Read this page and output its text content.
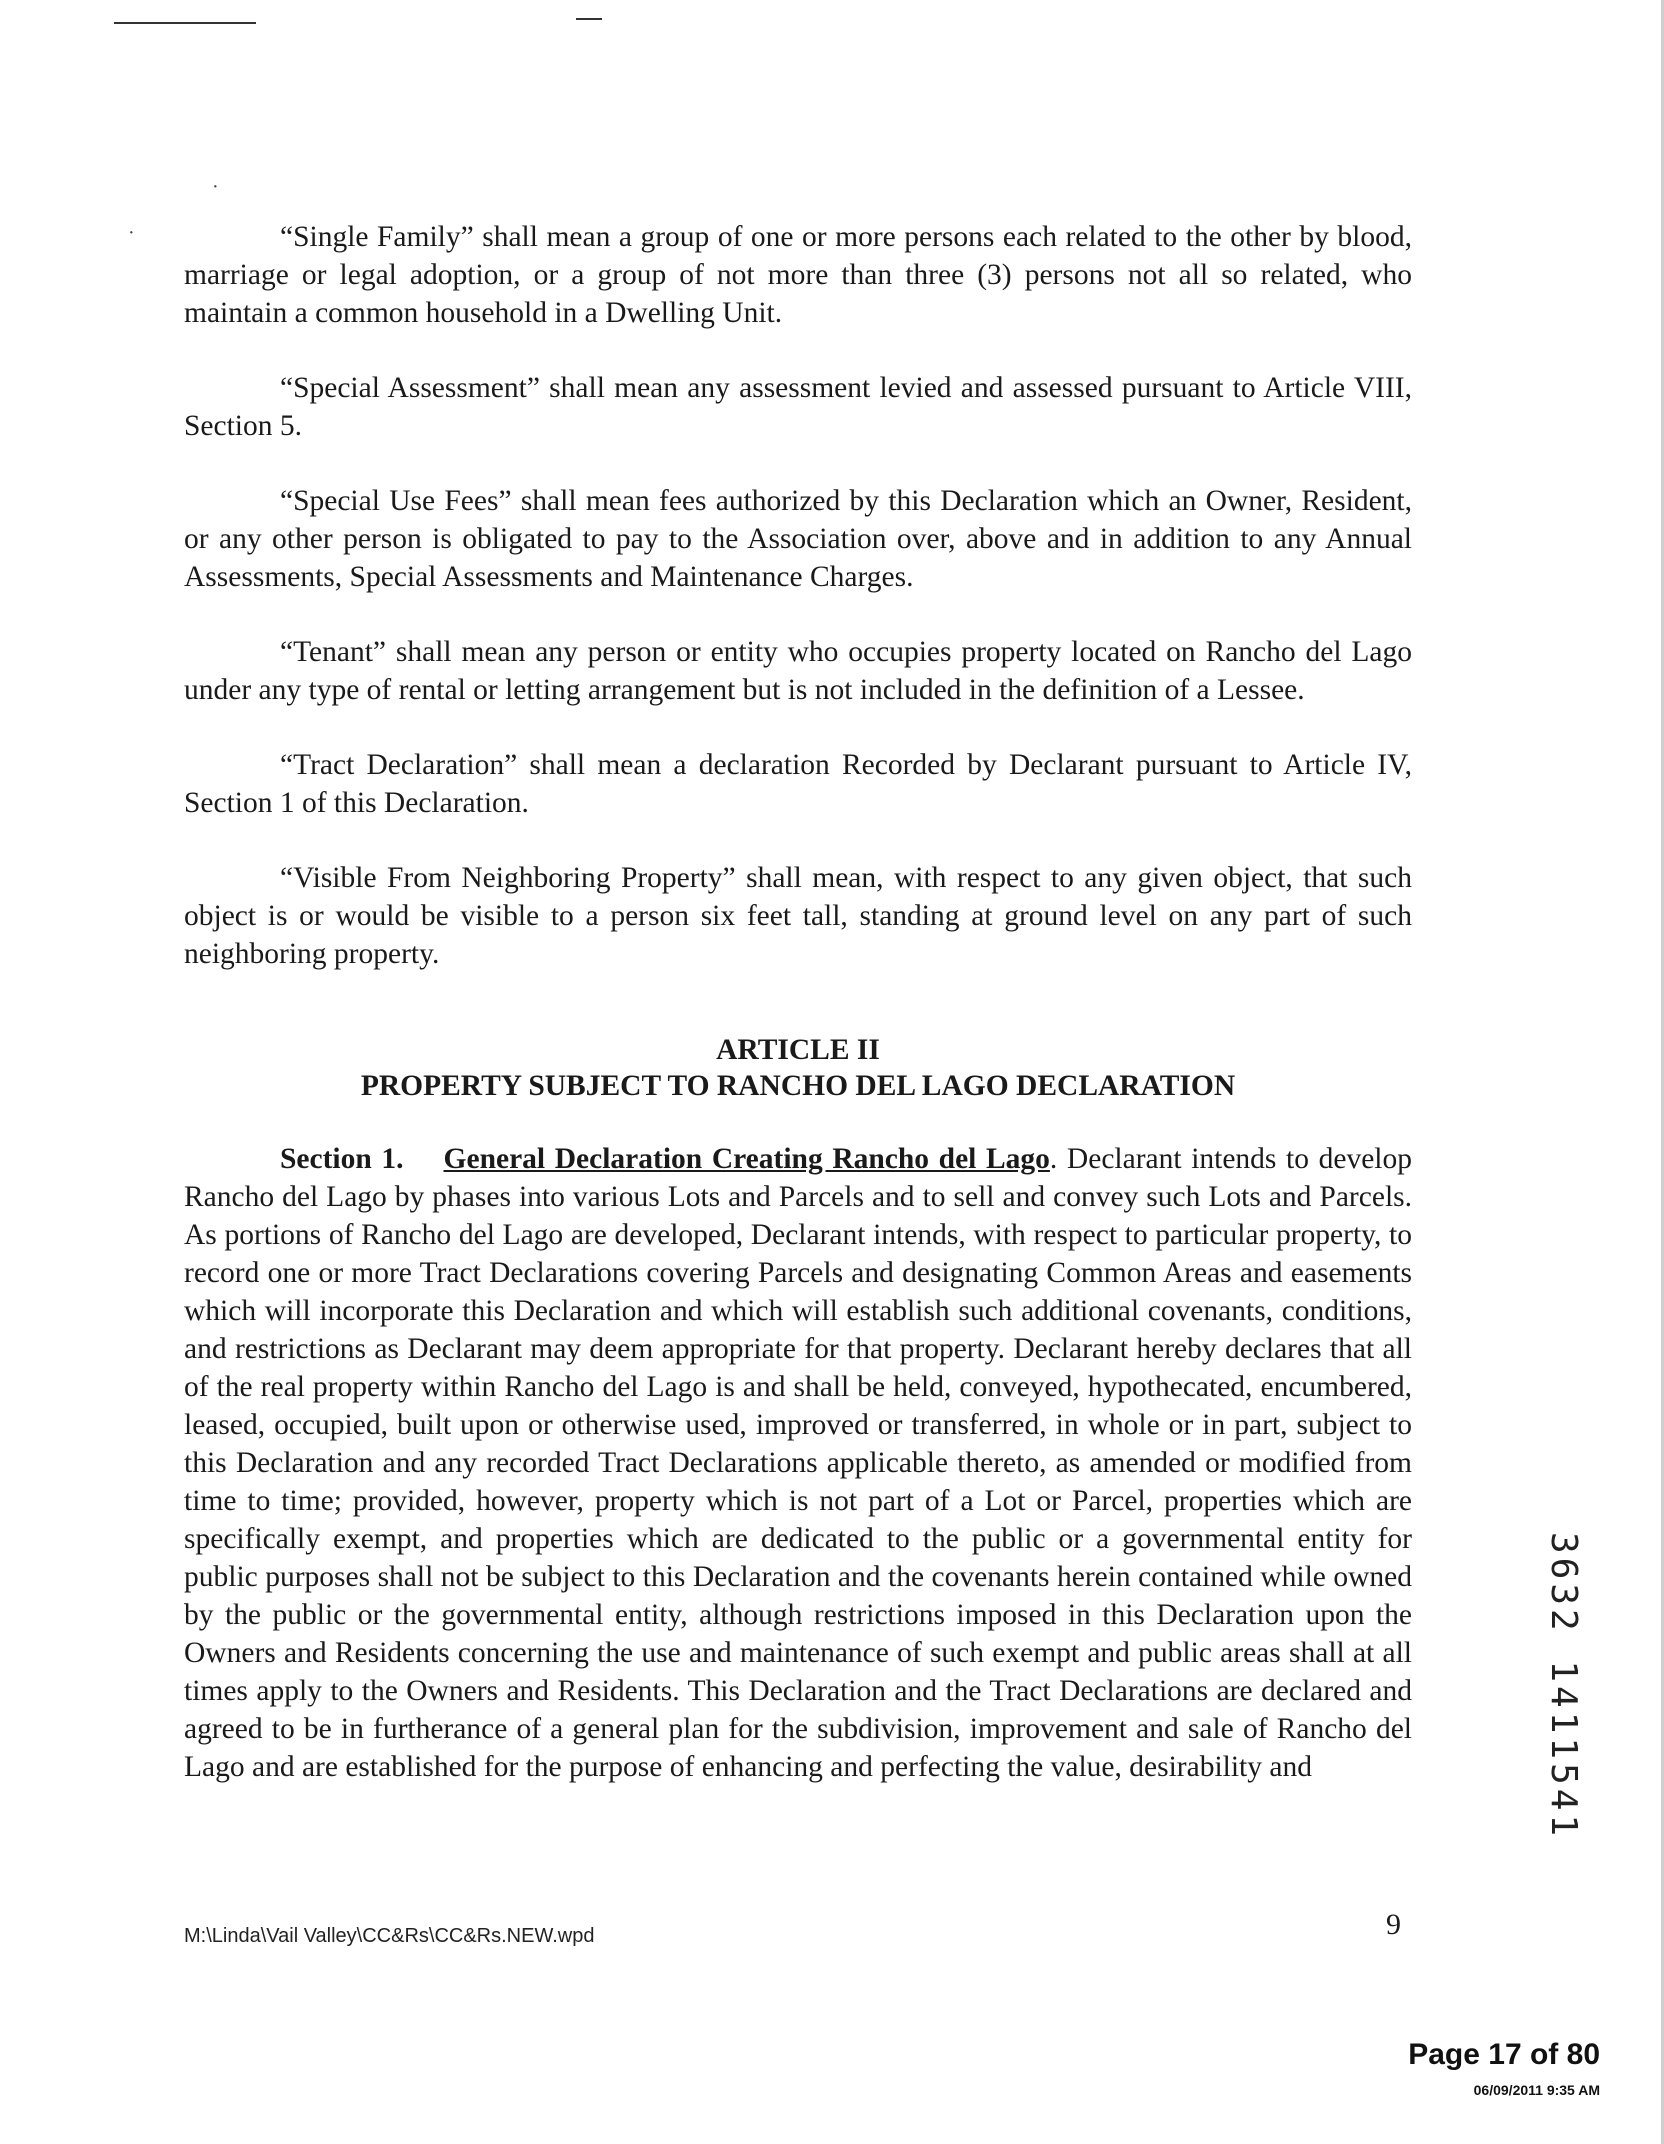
·
·	“Single Family” shall mean a group of one or more persons each related to the other by blood, marriage or legal adoption, or a group of not more than three (3) persons not all so related, who maintain a common household in a Dwelling Unit.

“Special Assessment” shall mean any assessment levied and assessed pursuant to Article VIII, Section 5.

“Special Use Fees” shall mean fees authorized by this Declaration which an Owner, Resident, or any other person is obligated to pay to the Association over, above and in addition to any Annual Assessments, Special Assessments and Maintenance Charges.

“Tenant” shall mean any person or entity who occupies property located on Rancho del Lago under any type of rental or letting arrangement but is not included in the definition of a Lessee.

“Tract Declaration” shall mean a declaration Recorded by Declarant pursuant to Article IV, Section 1 of this Declaration.

“Visible From Neighboring Property” shall mean, with respect to any given object, that such object is or would be visible to a person six feet tall, standing at ground level on any part of such neighboring property.

ARTICLE II
PROPERTY SUBJECT TO RANCHO DEL LAGO DECLARATION

Section 1. General Declaration Creating Rancho del Lago. Declarant intends to develop Rancho del Lago by phases into various Lots and Parcels and to sell and convey such Lots and Parcels. As portions of Rancho del Lago are developed, Declarant intends, with respect to particular property, to record one or more Tract Declarations covering Parcels and designating Common Areas and easements which will incorporate this Declaration and which will establish such additional covenants, conditions, and restrictions as Declarant may deem appropriate for that property. Declarant hereby declares that all of the real property within Rancho del Lago is and shall be held, conveyed, hypothecated, encumbered, leased, occupied, built upon or otherwise used, improved or transferred, in whole or in part, subject to this Declaration and any recorded Tract Declarations applicable thereto, as amended or modified from time to time; provided, however, property which is not part of a Lot or Parcel, properties which are specifically exempt, and properties which are dedicated to the public or a governmental entity for public purposes shall not be subject to this Declaration and the covenants herein contained while owned by the public or the governmental entity, although restrictions imposed in this Declaration upon the Owners and Residents concerning the use and maintenance of such exempt and public areas shall at all times apply to the Owners and Residents. This Declaration and the Tract Declarations are declared and agreed to be in furtherance of a general plan for the subdivision, improvement and sale of Rancho del Lago and are established for the purpose of enhancing and perfecting the value, desirability and	3632 1411541
M:\Linda\Vail Valley\CC&Rs\CC&Rs.NEW.wpd	9
Page 17 of 80
06/09/2011 9:35 AM
